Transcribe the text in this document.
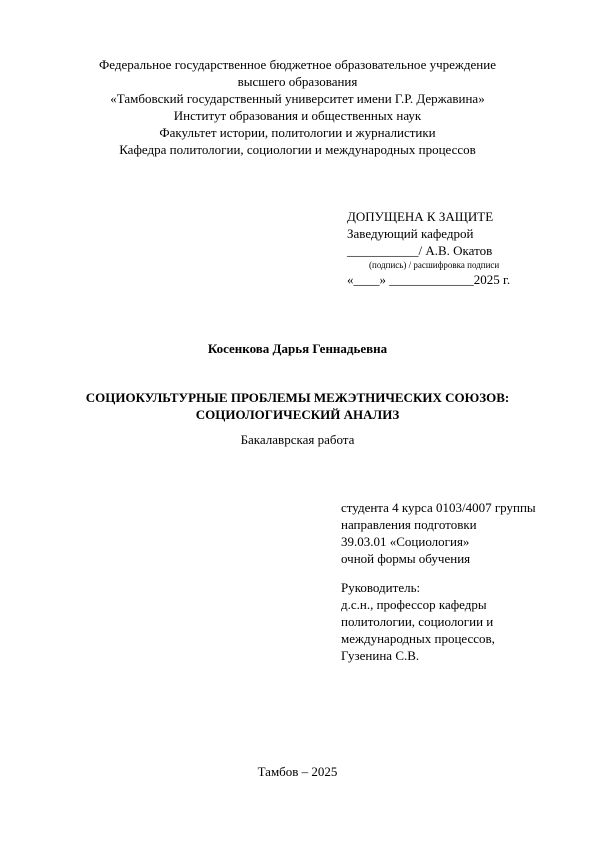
Федеральное государственное бюджетное образовательное учреждение
высшего образования
«Тамбовский государственный университет имени Г.Р. Державина»
Институт образования и общественных наук
Факультет истории, политологии и журналистики
Кафедра политологии, социологии и международных процессов
ДОПУЩЕНА К ЗАЩИТЕ
Заведующий кафедрой
___________/ А.В. Окатов
(подпись) / расшифровка подписи
«____» _____________2025 г.
Косенкова Дарья Геннадьевна
СОЦИОКУЛЬТУРНЫЕ ПРОБЛЕМЫ МЕЖЭТНИЧЕСКИХ СОЮЗОВ:
СОЦИОЛОГИЧЕСКИЙ АНАЛИЗ
Бакалаврская работа
студента 4 курса 0103/4007 группы
направления подготовки
39.03.01 «Социология»
очной формы обучения
Руководитель:
д.с.н., профессор кафедры
политологии, социологии и
международных процессов,
Гузенина С.В.
Тамбов – 2025
